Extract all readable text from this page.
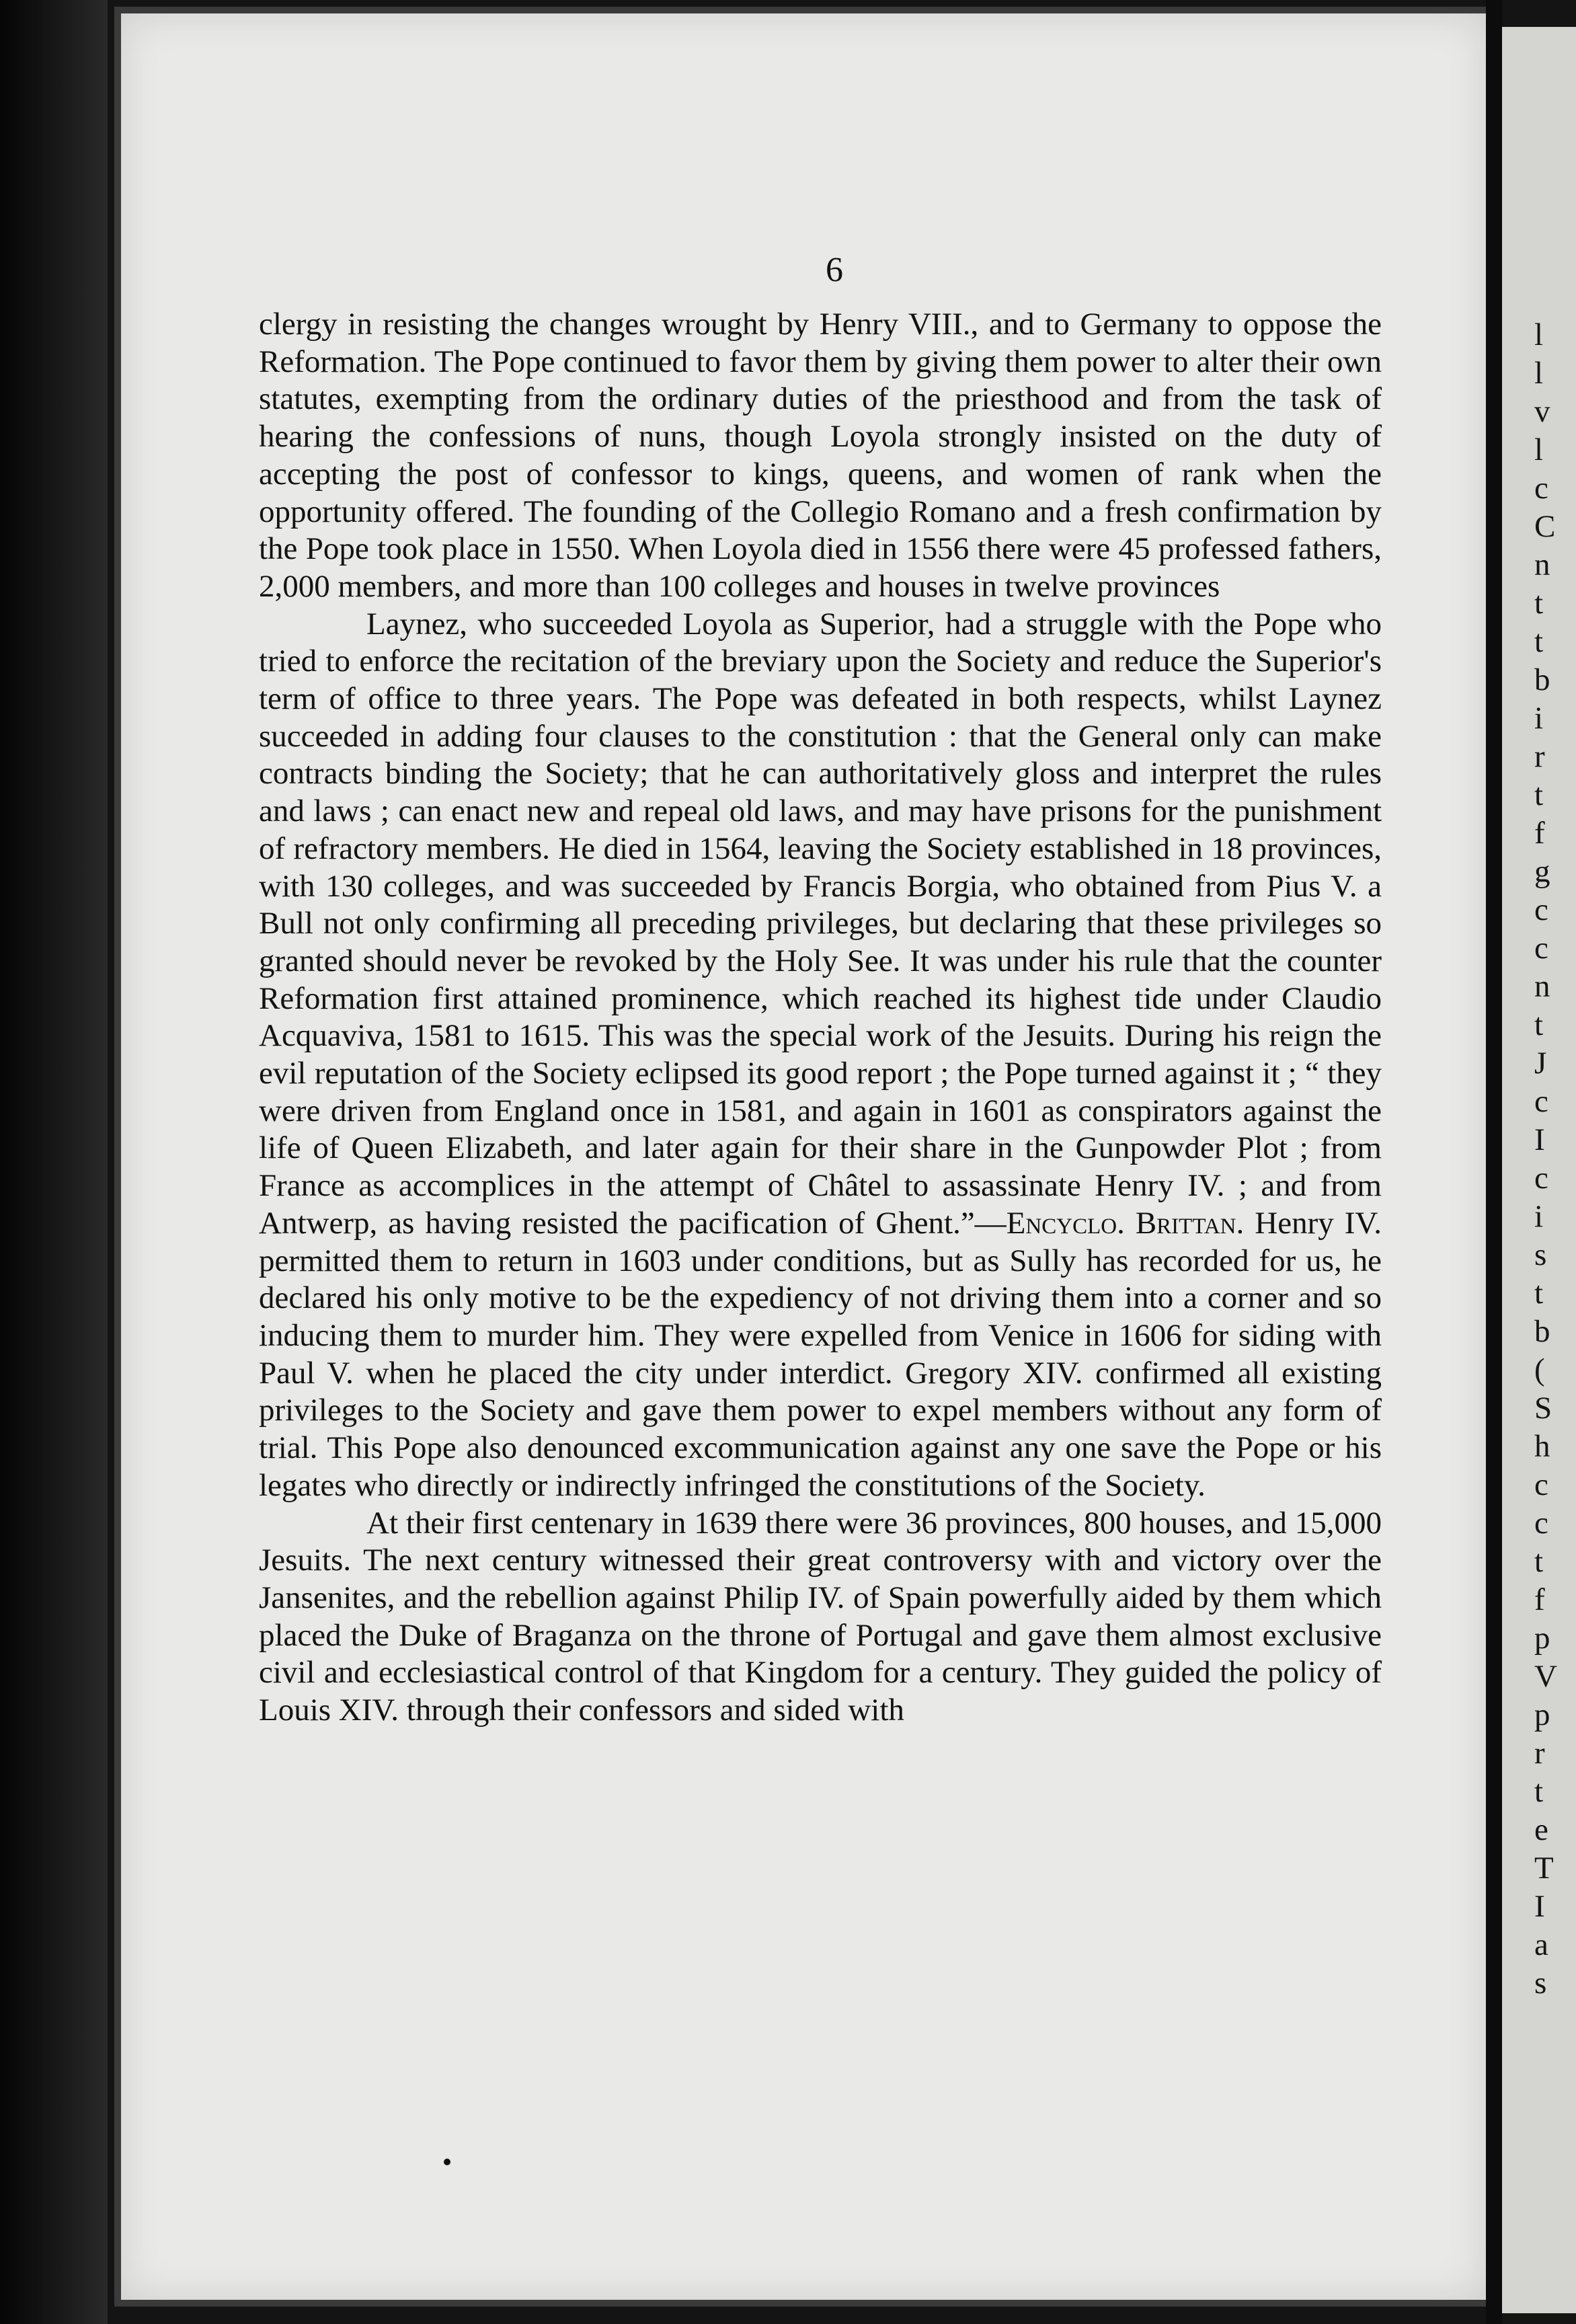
l
l
v
l
c
C
n
t
t
b
i
r
t
f
g
c
c
n
t
J
c
I
c
i
s
t
b
(
S
h
c
c
t
f
p
V
p
r
t
e
T
I
a
s
6

clergy in resisting the changes wrought by Henry VIII., and to Germany to oppose the Reformation. The Pope continued to favor them by giving them power to alter their own statutes, exempting from the ordinary duties of the priesthood and from the task of hearing the confessions of nuns, though Loyola strongly insisted on the duty of accepting the post of confessor to kings, queens, and women of rank when the opportunity offered. The founding of the Collegio Romano and a fresh confirmation by the Pope took place in 1550. When Loyola died in 1556 there were 45 professed fathers, 2,000 members, and more than 100 colleges and houses in twelve provinces

Laynez, who succeeded Loyola as Superior, had a struggle with the Pope who tried to enforce the recitation of the breviary upon the Society and reduce the Superior's term of office to three years. The Pope was defeated in both respects, whilst Laynez succeeded in adding four clauses to the constitution : that the General only can make contracts binding the Society; that he can authoritatively gloss and interpret the rules and laws ; can enact new and repeal old laws, and may have prisons for the punishment of refractory members. He died in 1564, leaving the Society established in 18 provinces, with 130 colleges, and was succeeded by Francis Borgia, who obtained from Pius V. a Bull not only confirming all preceding privileges, but declaring that these privileges so granted should never be revoked by the Holy See. It was under his rule that the counter Reformation first attained prominence, which reached its highest tide under Claudio Acquaviva, 1581 to 1615. This was the special work of the Jesuits. During his reign the evil reputation of the Society eclipsed its good report ; the Pope turned against it ; “ they were driven from England once in 1581, and again in 1601 as conspirators against the life of Queen Elizabeth, and later again for their share in the Gunpowder Plot ; from France as accomplices in the attempt of Châtel to assassinate Henry IV. ; and from Antwerp, as having resisted the pacification of Ghent.”—Encyclo. Brittan. Henry IV. permitted them to return in 1603 under conditions, but as Sully has recorded for us, he declared his only motive to be the expediency of not driving them into a corner and so inducing them to murder him. They were expelled from Venice in 1606 for siding with Paul V. when he placed the city under interdict. Gregory XIV. confirmed all existing privileges to the Society and gave them power to expel members without any form of trial. This Pope also denounced excommunication against any one save the Pope or his legates who directly or indirectly infringed the constitutions of the Society.

At their first centenary in 1639 there were 36 provinces, 800 houses, and 15,000 Jesuits. The next century witnessed their great controversy with and victory over the Jansenites, and the rebellion against Philip IV. of Spain powerfully aided by them which placed the Duke of Braganza on the throne of Portugal and gave them almost exclusive civil and ecclesiastical control of that Kingdom for a century. They guided the policy of Louis XIV. through their confessors and sided with
